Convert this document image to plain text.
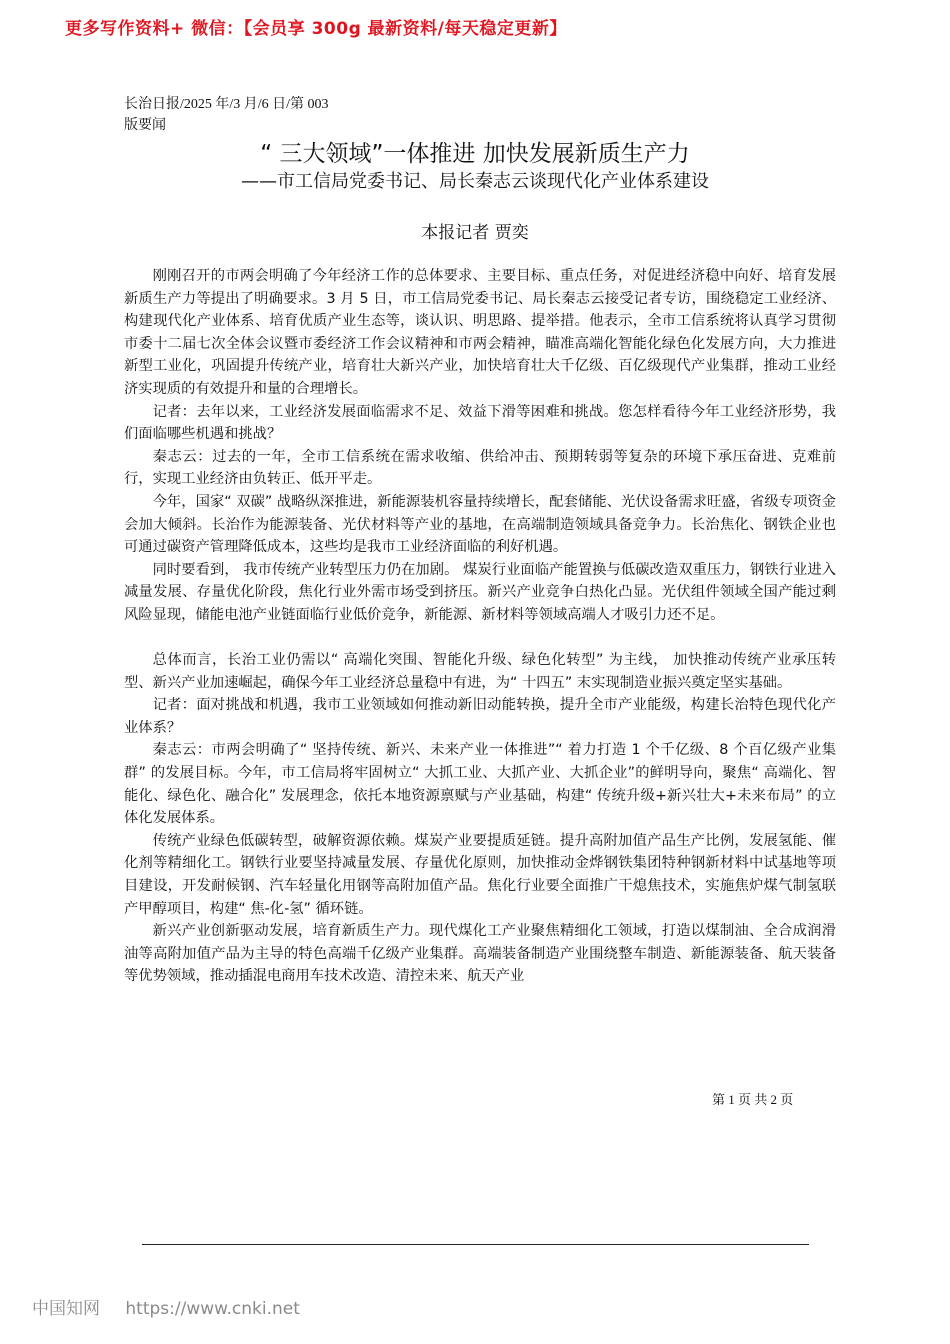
更多写作资料+ 微信：【会员享 300g 最新资料/每天稳定更新】
长治日报/2025 年/3 月/6 日/第 003
版要闻
“ 三大领域”一体推进 加快发展新质生产力
——市工信局党委书记、局长秦志云谈现代化产业体系建设
本报记者 贾奕

刚刚召开的市两会明确了今年经济工作的总体要求、主要目标、重点任务，对促进经济稳中向好、培育发展新质生产力等提出了明确要求。3 月 5 日，市工信局党委书记、局长秦志云接受记者专访，围绕稳定工业经济、构建现代化产业体系、培育优质产业生态等，谈认识、明思路、提举措。他表示，全市工信系统将认真学习贯彻市委十二届七次全体会议暨市委经济工作会议精神和市两会精神，瞄准高端化智能化绿色化发展方向，大力推进新型工业化，巩固提升传统产业，培育壮大新兴产业，加快培育壮大千亿级、百亿级现代产业集群，推动工业经济实现质的有效提升和量的合理增长。

记者：去年以来，工业经济发展面临需求不足、效益下滑等困难和挑战。您怎样看待今年工业经济形势，我们面临哪些机遇和挑战？

秦志云：过去的一年，全市工信系统在需求收缩、供给冲击、预期转弱等复杂的环境下承压奋进、克难前行，实现工业经济由负转正、低开平走。

今年，国家“ 双碳” 战略纵深推进，新能源装机容量持续增长，配套储能、光伏设备需求旺盛，省级专项资金会加大倾斜。长治作为能源装备、光伏材料等产业的基地，在高端制造领域具备竞争力。长治焦化、钢铁企业也可通过碳资产管理降低成本，这些均是我市工业经济面临的利好机遇。

同时要看到， 我市传统产业转型压力仍在加剧。 煤炭行业面临产能置换与低碳改造双重压力，钢铁行业进入减量发展、存量优化阶段，焦化行业外需市场受到挤压。新兴产业竞争白热化凸显。光伏组件领域全国产能过剩风险显现，储能电池产业链面临行业低价竞争，新能源、新材料等领域高端人才吸引力还不足。

总体而言，长治工业仍需以“ 高端化突围、智能化升级、绿色化转型” 为主线， 加快推动传统产业承压转型、新兴产业加速崛起，确保今年工业经济总量稳中有进，为“ 十四五” 末实现制造业振兴奠定坚实基础。

记者：面对挑战和机遇，我市工业领域如何推动新旧动能转换，提升全市产业能级，构建长治特色现代化产业体系？

秦志云：市两会明确了“ 坚持传统、新兴、未来产业一体推进”“ 着力打造 1 个千亿级、8 个百亿级产业集群” 的发展目标。今年，市工信局将牢固树立“ 大抓工业、大抓产业、大抓企业”的鲜明导向，聚焦“ 高端化、智能化、绿色化、融合化” 发展理念，依托本地资源禀赋与产业基础，构建“ 传统升级+新兴壮大+未来布局” 的立体化发展体系。

传统产业绿色低碳转型，破解资源依赖。煤炭产业要提质延链。提升高附加值产品生产比例，发展氢能、催化剂等精细化工。钢铁行业要坚持减量发展、存量优化原则，加快推动金烨钢铁集团特种钢新材料中试基地等项目建设，开发耐候钢、汽车轻量化用钢等高附加值产品。焦化行业要全面推广干熄焦技术，实施焦炉煤气制氢联产甲醇项目，构建“ 焦-化-氢” 循环链。

新兴产业创新驱动发展，培育新质生产力。现代煤化工产业聚焦精细化工领域，打造以煤制油、全合成润滑油等高附加值产品为主导的特色高端千亿级产业集群。高端装备制造产业围绕整车制造、新能源装备、航天装备等优势领域，推动插混电商用车技术改造、清控未来、航天产业

第 1 页 共 2 页
中国知网 https://www.cnki.net
